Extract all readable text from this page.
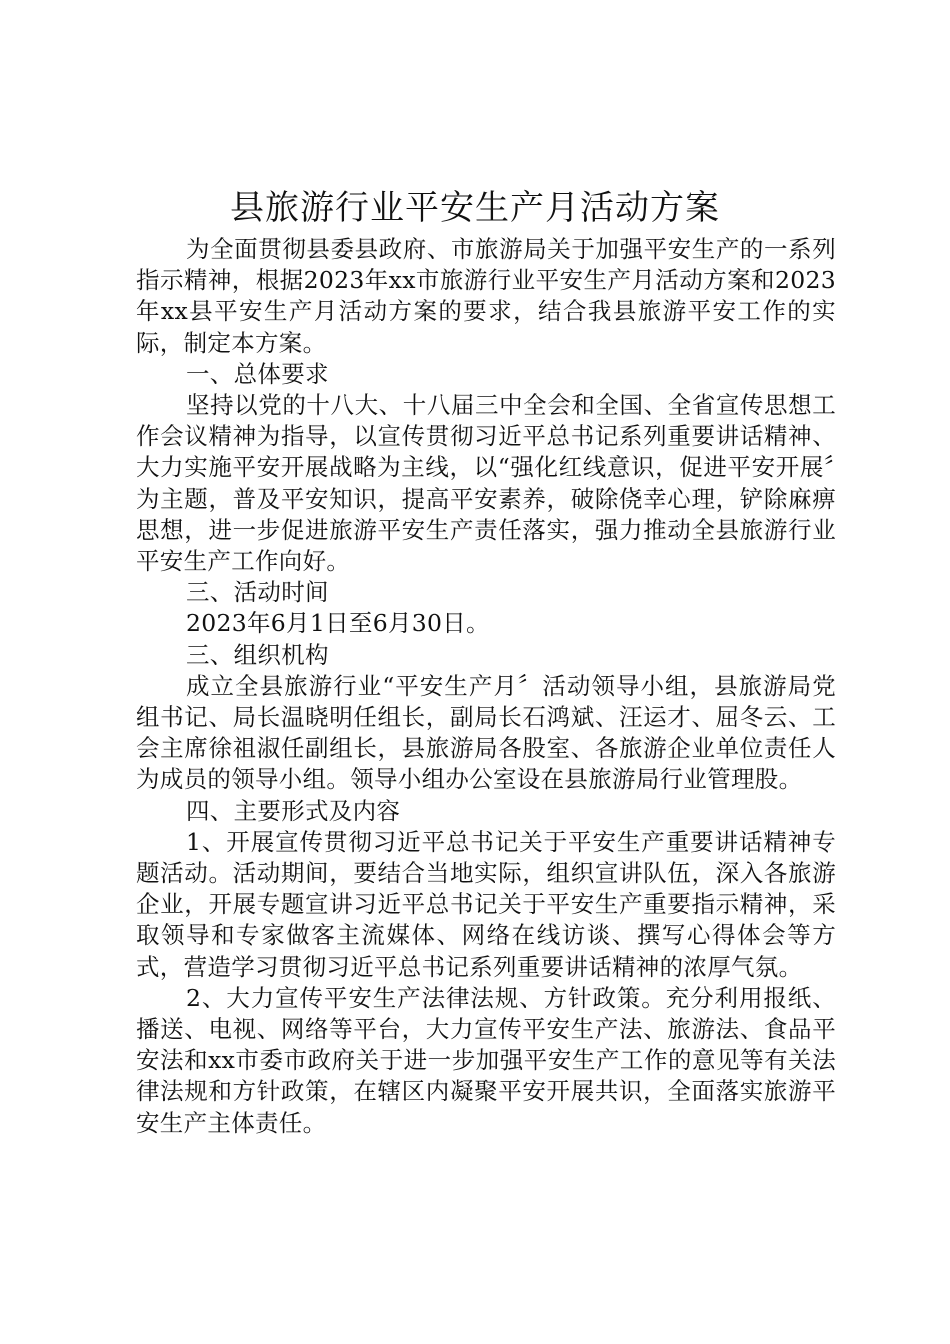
县旅游行业平安生产月活动方案

为全面贯彻县委县政府、市旅游局关于加强平安生产的一系列指示精神，根据2023年xx市旅游行业平安生产月活动方案和2023年xx县平安生产月活动方案的要求，结合我县旅游平安工作的实际，制定本方案。

一、总体要求

坚持以党的十八大、十八届三中全会和全国、全省宣传思想工作会议精神为指导，以宣传贯彻习近平总书记系列重要讲话精神、大力实施平安开展战略为主线，以“强化红线意识，促进平安开展〞为主题，普及平安知识，提高平安素养，破除侥幸心理，铲除麻痹思想，进一步促进旅游平安生产责任落实，强力推动全县旅游行业平安生产工作向好。

三、活动时间

2023年6月1日至6月30日。

三、组织机构

成立全县旅游行业“平安生产月〞活动领导小组，县旅游局党组书记、局长温晓明任组长，副局长石鸿斌、汪运才、屈冬云、工会主席徐祖淑任副组长，县旅游局各股室、各旅游企业单位责任人为成员的领导小组。领导小组办公室设在县旅游局行业管理股。

四、主要形式及内容

1、开展宣传贯彻习近平总书记关于平安生产重要讲话精神专题活动。活动期间，要结合当地实际，组织宣讲队伍，深入各旅游企业，开展专题宣讲习近平总书记关于平安生产重要指示精神，采取领导和专家做客主流媒体、网络在线访谈、撰写心得体会等方式，营造学习贯彻习近平总书记系列重要讲话精神的浓厚气氛。

2、大力宣传平安生产法律法规、方针政策。充分利用报纸、播送、电视、网络等平台，大力宣传平安生产法、旅游法、食品平安法和xx市委市政府关于进一步加强平安生产工作的意见等有关法律法规和方针政策，在辖区内凝聚平安开展共识，全面落实旅游平安生产主体责任。
